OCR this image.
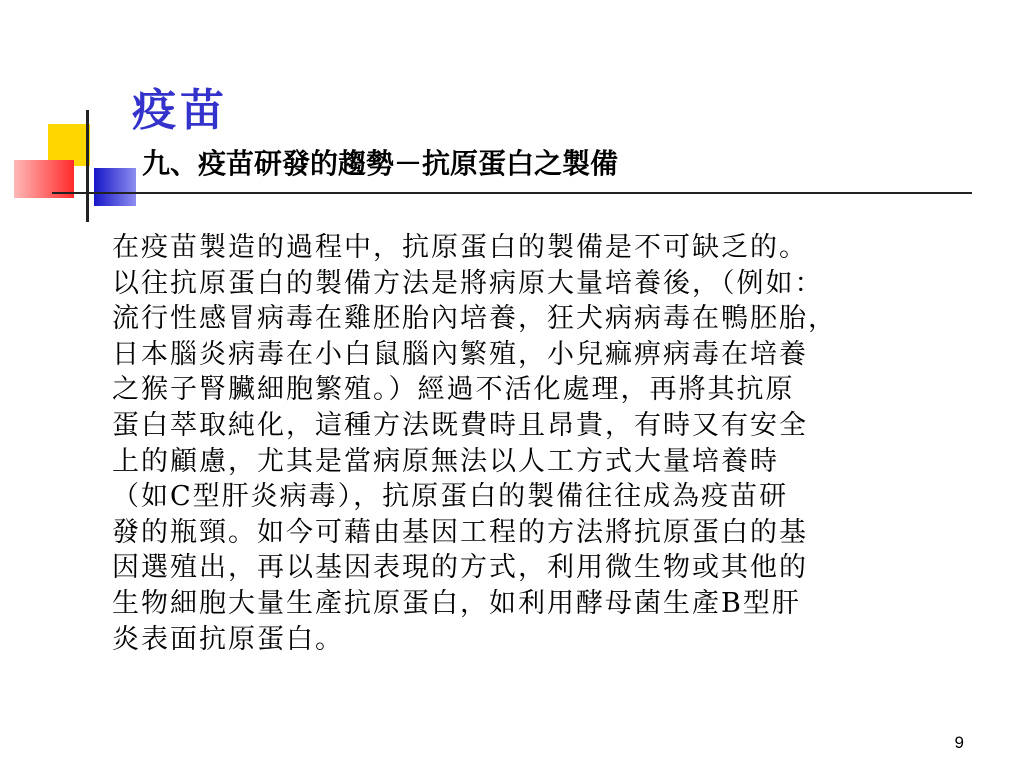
疫苗
九、疫苗研發的趨勢－抗原蛋白之製備
在疫苗製造的過程中，抗原蛋白的製備是不可缺乏的。
以往抗原蛋白的製備方法是將病原大量培養後，（例如：
流行性感冒病毒在雞胚胎內培養，狂犬病病毒在鴨胚胎，
日本腦炎病毒在小白鼠腦內繁殖，小兒痲痹病毒在培養
之猴子腎臟細胞繁殖。）經過不活化處理，再將其抗原
蛋白萃取純化，這種方法既費時且昂貴，有時又有安全
上的顧慮，尤其是當病原無法以人工方式大量培養時
（如C型肝炎病毒），抗原蛋白的製備往往成為疫苗研
發的瓶頸。如今可藉由基因工程的方法將抗原蛋白的基
因選殖出，再以基因表現的方式，利用微生物或其他的
生物細胞大量生產抗原蛋白，如利用酵母菌生產B型肝
炎表面抗原蛋白。
9
